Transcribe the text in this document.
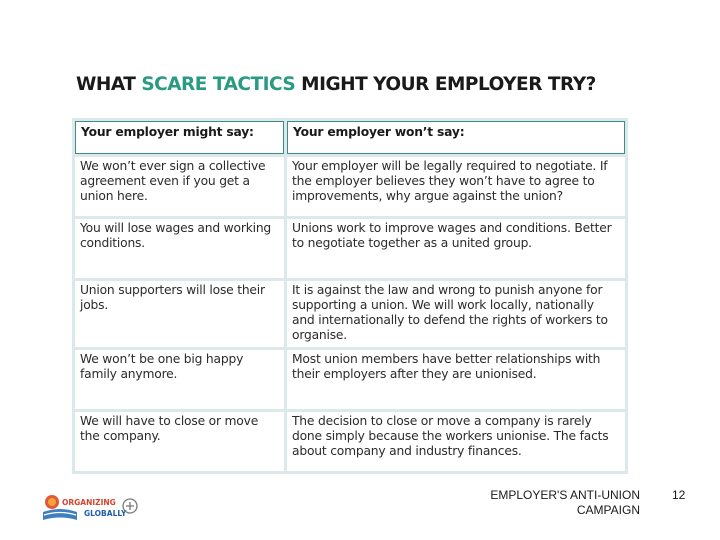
WHAT SCARE TACTICS MIGHT YOUR EMPLOYER TRY?
Your employer might say:	Your employer won’t say:
We won’t ever sign a collective agreement even if you get a union here.	Your employer will be legally required to negotiate. If the employer believes they won’t have to agree to improvements, why argue against the union?
You will lose wages and working conditions.	Unions work to improve wages and conditions. Better to negotiate together as a united group.
Union supporters will lose their jobs.	It is against the law and wrong to punish anyone for supporting a union. We will work locally, nationally and internationally to defend the rights of workers to organise.
We won’t be one big happy family anymore.	Most union members have better relationships with their employers after they are unionised.
We will have to close or move the company.	The decision to close or move a company is rarely done simply because the workers unionise. The facts about company and industry finances.
ORGANIZING
GLOBALLY

EMPLOYER'S ANTI-UNION
CAMPAIGN

12
